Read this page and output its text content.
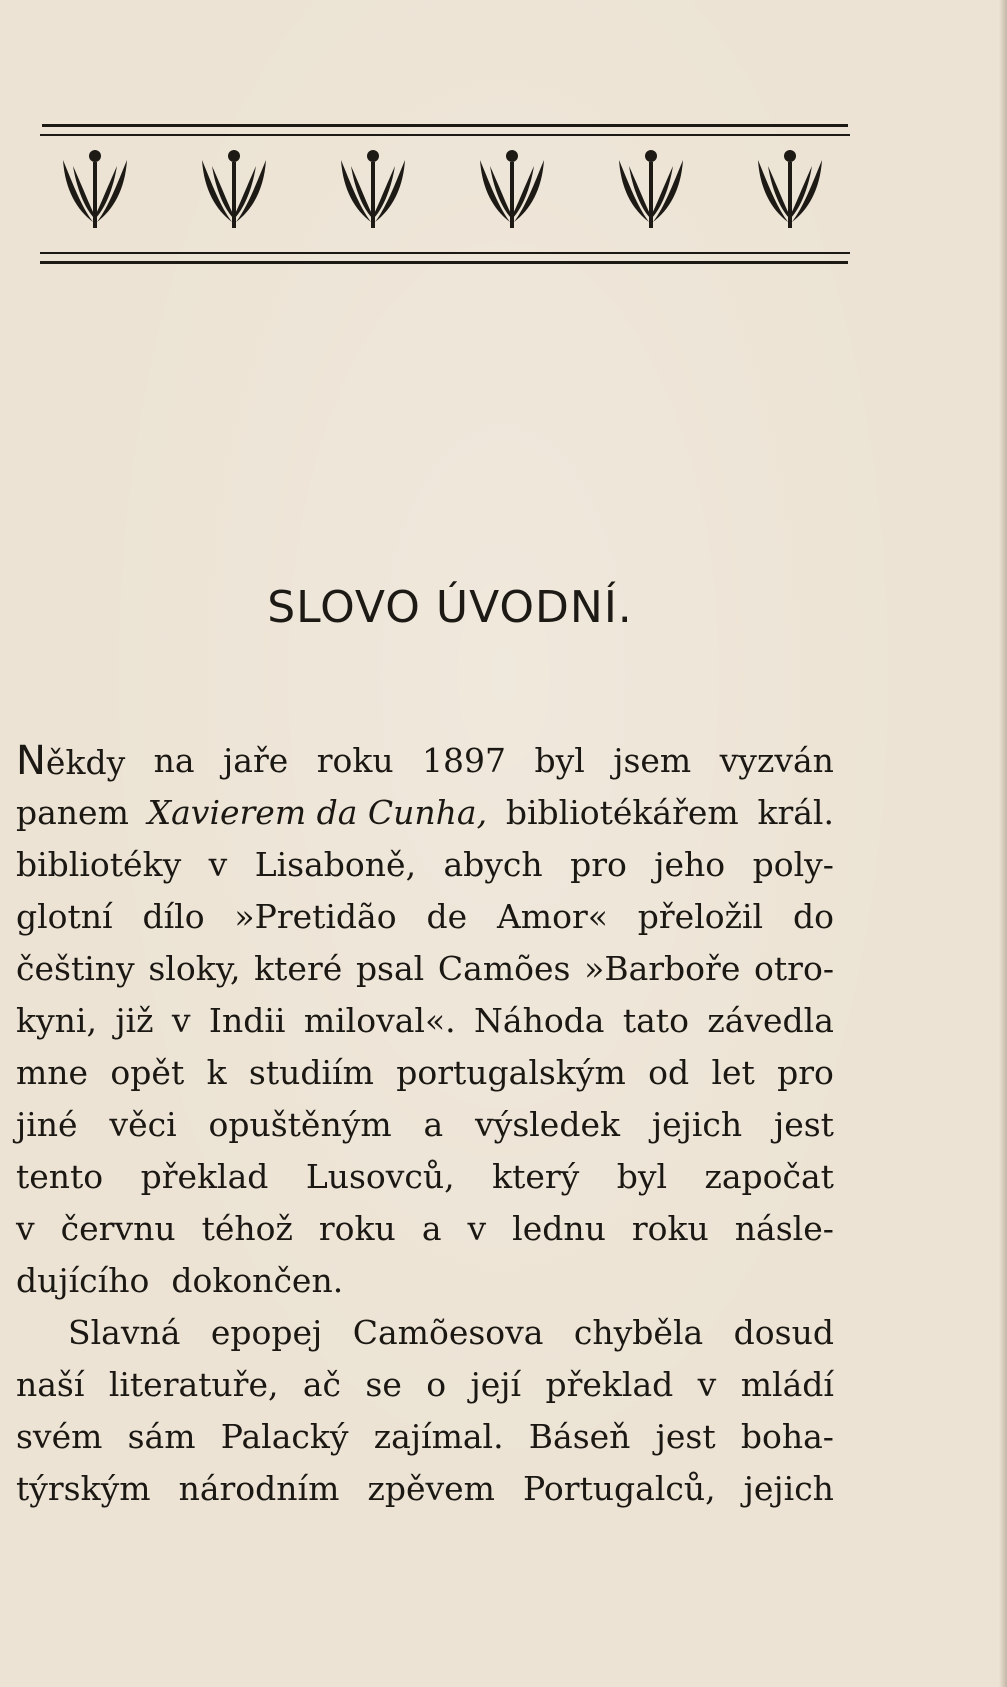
SLOVO ÚVODNÍ.
Někdy na jaře roku 1897 byl jsem vyzván
panem Xavierem da Cunha, bibliotékářem král.
bibliotéky v Lisaboně, abych pro jeho poly-
glotní dílo »Pretidão de Amor« přeložil do
češtiny sloky, které psal Camões »Barboře otro-
kyni, již v Indii miloval«. Náhoda tato závedla
mne opět k studiím portugalským od let pro
jiné věci opuštěným a výsledek jejich jest
tento překlad Lusovců, který byl započat
v červnu téhož roku a v lednu roku násle-
dujícího dokončen.
Slavná epopej Camõesova chyběla dosud
naší literatuře, ač se o její překlad v mládí
svém sám Palacký zajímal. Báseň jest boha-
týrským národním zpěvem Portugalců, jejich
